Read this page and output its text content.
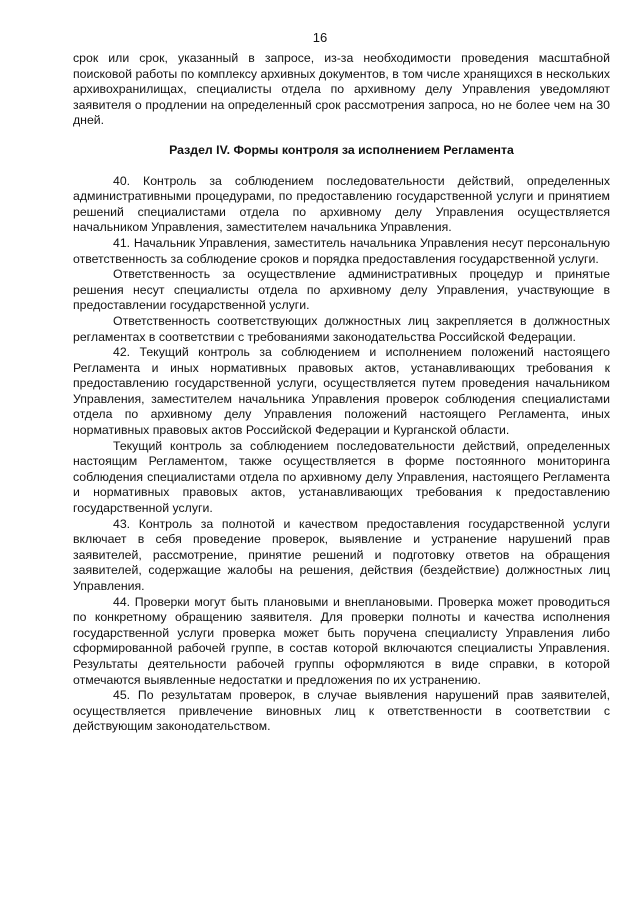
16

срок или срок, указанный в запросе, из-за необходимости проведения масштабной поисковой работы по комплексу архивных документов, в том числе хранящихся в нескольких архивохранилищах, специалисты отдела по архивному делу Управления уведомляют заявителя о продлении на определенный срок рассмотрения запроса, но не более чем на 30 дней.

Раздел IV. Формы контроля за исполнением Регламента

40. Контроль за соблюдением последовательности действий, определенных административными процедурами, по предоставлению государственной услуги и принятием решений специалистами отдела по архивному делу Управления осуществляется начальником Управления, заместителем начальника Управления.

41. Начальник Управления, заместитель начальника Управления несут персональную ответственность за соблюдение сроков и порядка предоставления государственной услуги.

Ответственность за осуществление административных процедур и принятые решения несут специалисты отдела по архивному делу Управления, участвующие в предоставлении государственной услуги.

Ответственность соответствующих должностных лиц закрепляется в должностных регламентах в соответствии с требованиями законодательства Российской Федерации.

42. Текущий контроль за соблюдением и исполнением положений настоящего Регламента и иных нормативных правовых актов, устанавливающих требования к предоставлению государственной услуги, осуществляется путем проведения начальником Управления, заместителем начальника Управления проверок соблюдения специалистами отдела по архивному делу Управления положений настоящего Регламента, иных нормативных правовых актов Российской Федерации и Курганской области.

Текущий контроль за соблюдением последовательности действий, определенных настоящим Регламентом, также осуществляется в форме постоянного мониторинга соблюдения специалистами отдела по архивному делу Управления, настоящего Регламента и нормативных правовых актов, устанавливающих требования к предоставлению государственной услуги.

43. Контроль за полнотой и качеством предоставления государственной услуги включает в себя проведение проверок, выявление и устранение нарушений прав заявителей, рассмотрение, принятие решений и подготовку ответов на обращения заявителей, содержащие жалобы на решения, действия (бездействие) должностных лиц Управления.

44. Проверки могут быть плановыми и внеплановыми. Проверка может проводиться по конкретному обращению заявителя. Для проверки полноты и качества исполнения государственной услуги проверка может быть поручена специалисту Управления либо сформированной рабочей группе, в состав которой включаются специалисты Управления. Результаты деятельности рабочей группы оформляются в виде справки, в которой отмечаются выявленные недостатки и предложения по их устранению.

45. По результатам проверок, в случае выявления нарушений прав заявителей, осуществляется привлечение виновных лиц к ответственности в соответствии с действующим законодательством.
